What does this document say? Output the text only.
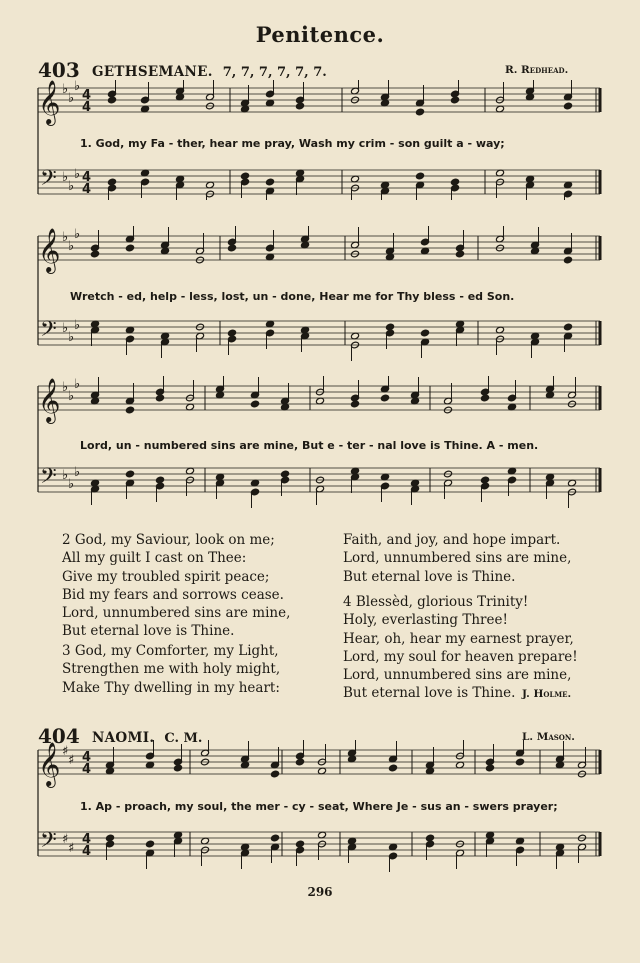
Penitence.
403 GETHSEMANE. 7, 7, 7, 7, 7, 7.	R. Redhead.
𝄞
𝄢
♭
♭
♭
♭
♭
♭
4
4
4
4
1. God, my Fa - ther, hear me pray, Wash my crim - son guilt a - way;
𝄞
𝄢
♭
♭
♭
♭
♭
♭
Wretch - ed, help - less, lost, un - done, Hear me for Thy bless - ed Son.
𝄞
𝄢
♭
♭
♭
♭
♭
♭
Lord, un - numbered sins are mine, But e - ter - nal love is Thine. A - men.
2 God, my Saviour, look on me;
All my guilt I cast on Thee:
Give my troubled spirit peace;
Bid my fears and sorrows cease.
Lord, unnumbered sins are mine,
But eternal love is Thine.
3 God, my Comforter, my Light,
Strengthen me with holy might,
Make Thy dwelling in my heart:
Faith, and joy, and hope impart.
Lord, unnumbered sins are mine,
But eternal love is Thine.
4 Blessèd, glorious Trinity!
Holy, everlasting Three!
Hear, oh, hear my earnest prayer,
Lord, my soul for heaven prepare!
Lord, unnumbered sins are mine,
But eternal love is Thine. J. Holme.
404 NAOMI. C. M.	L. Mason.
𝄞
𝄢
♯
♯
♯
♯
4
4
4
4
1. Ap - proach, my soul, the mer - cy - seat, Where Je - sus an - swers prayer;
296
